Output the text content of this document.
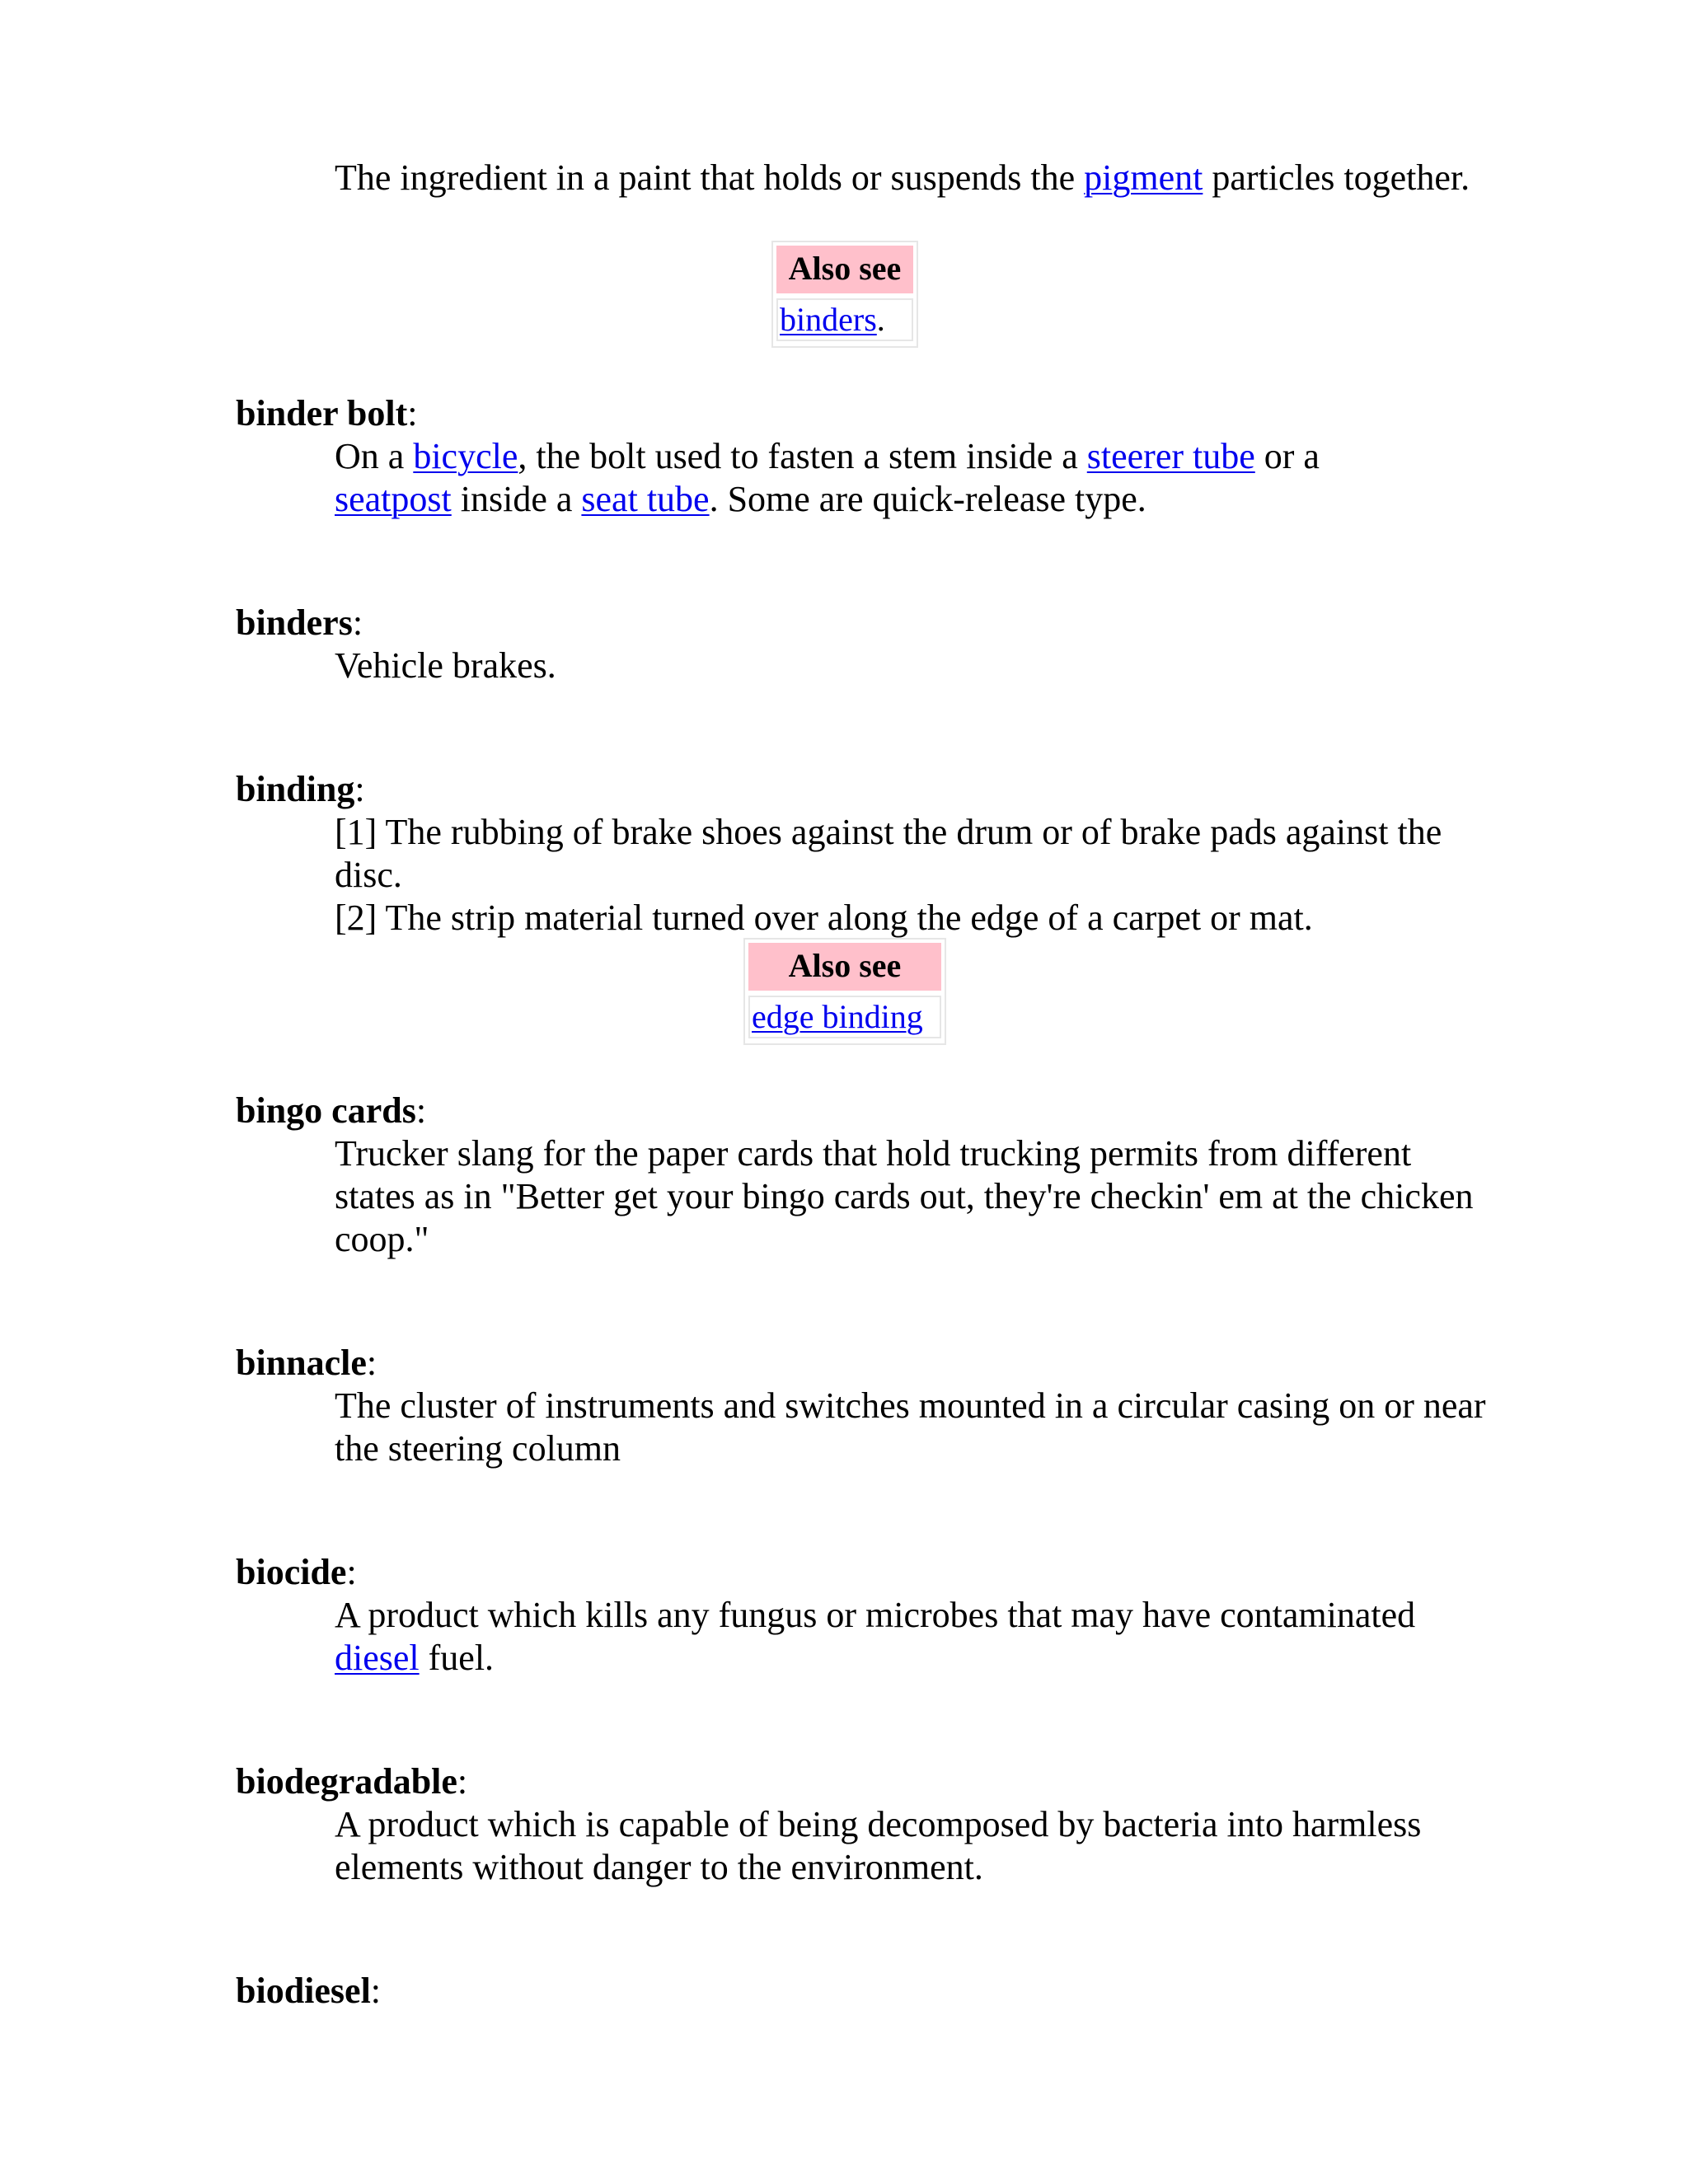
The ingredient in a paint that holds or suspends the pigment particles together.
Also see
binders.
binder bolt:
On a bicycle, the bolt used to fasten a stem inside a steerer tube or a
seatpost inside a seat tube. Some are quick-release type.
binders:
Vehicle brakes.
binding:
[1] The rubbing of brake shoes against the drum or of brake pads against the disc.
[2] The strip material turned over along the edge of a carpet or mat.
Also see
edge binding
bingo cards:
Trucker slang for the paper cards that hold trucking permits from different states as in "Better get your bingo cards out, they're checkin' em at the chicken coop."
binnacle:
The cluster of instruments and switches mounted in a circular casing on or near the steering column
biocide:
A product which kills any fungus or microbes that may have contaminated
diesel fuel.
biodegradable:
A product which is capable of being decomposed by bacteria into harmless elements without danger to the environment.
biodiesel:
